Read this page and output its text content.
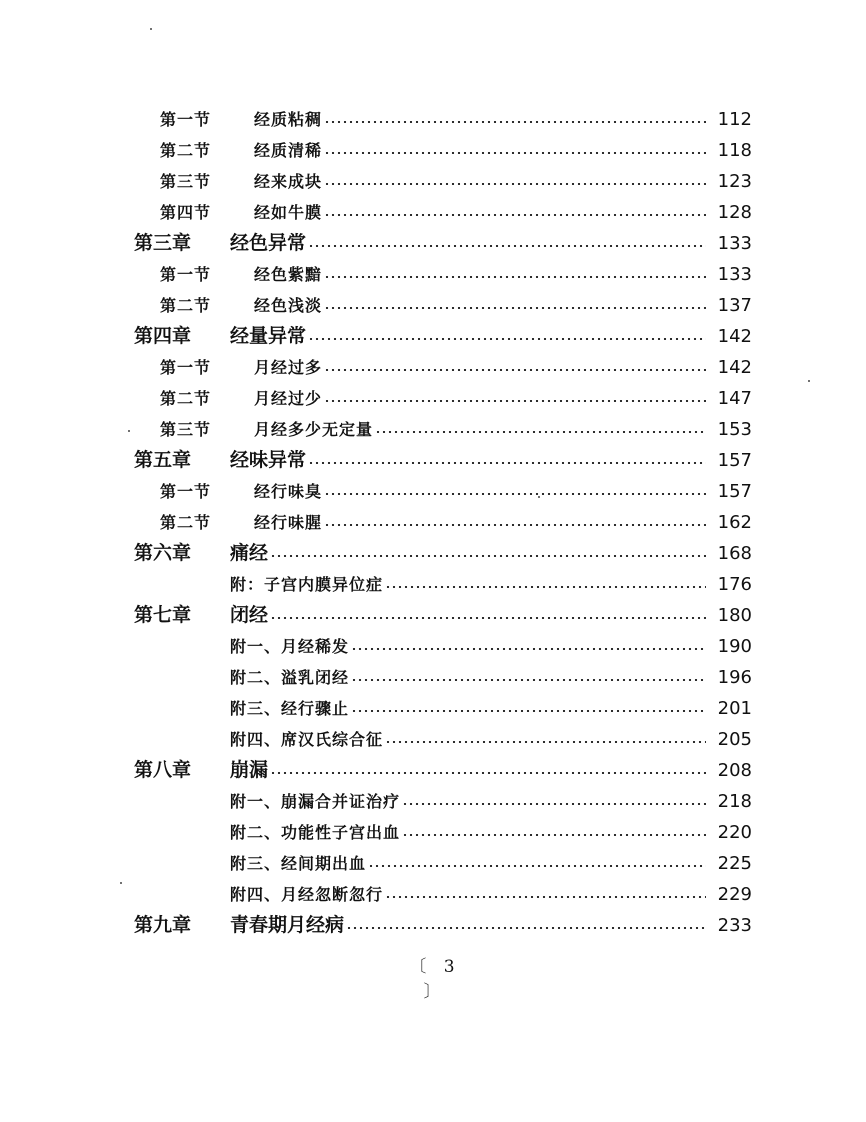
第一节	经质粘稠	112
第二节	经质清稀	118
第三节	经来成块	123
第四节	经如牛膜	128
第三章	经色异常	133
第一节	经色紫黯	133
第二节	经色浅淡	137
第四章	经量异常	142
第一节	月经过多	142
第二节	月经过少	147
第三节	月经多少无定量	153
第五章	经味异常	157
第一节	经行味臭	157
第二节	经行味腥	162
第六章	痛经	168
附：子宫内膜异位症	176
第七章	闭经	180
附一、月经稀发	190
附二、溢乳闭经	196
附三、经行骤止	201
附四、席汉氏综合征	205
第八章	崩漏	208
附一、崩漏合并证治疗	218
附二、功能性子宫出血	220
附三、经间期出血	225
附四、月经忽断忽行	229
第九章	青春期月经病	233
〔 3 〕
